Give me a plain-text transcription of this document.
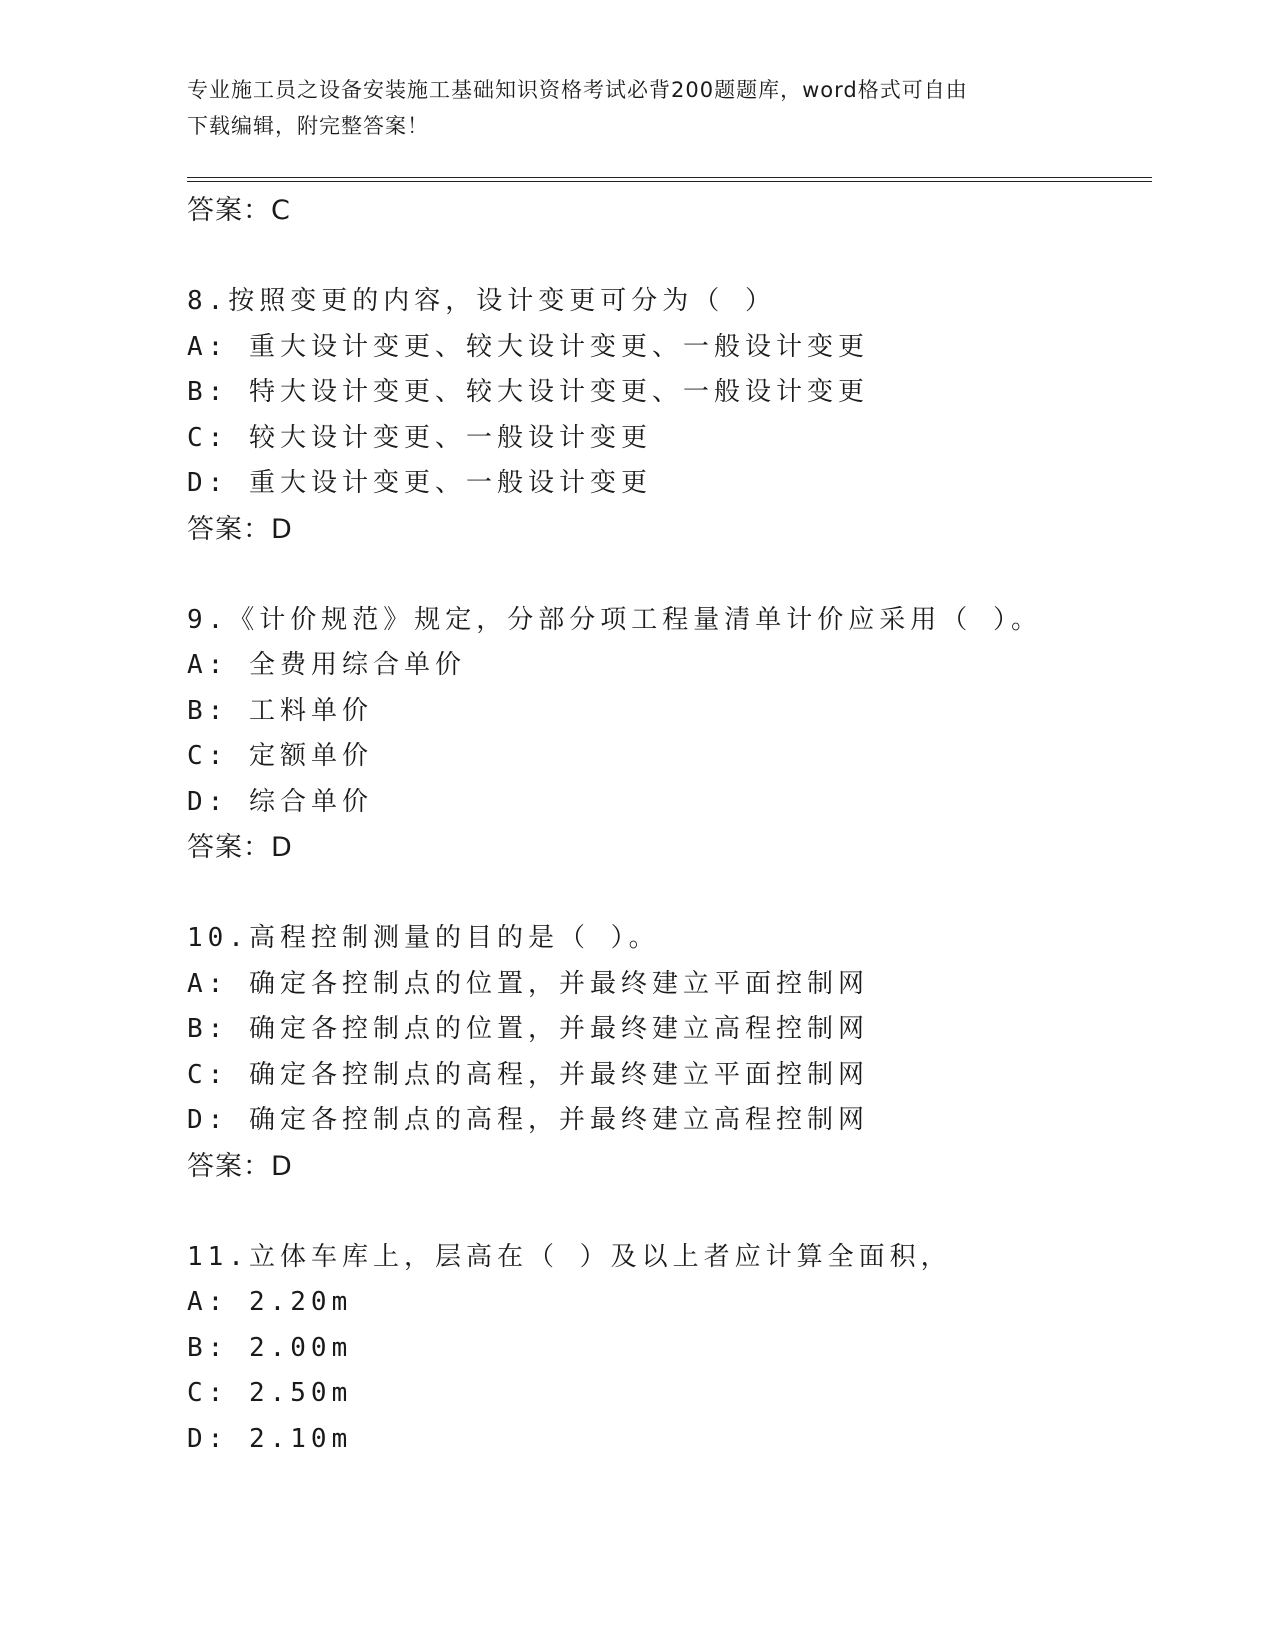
专业施工员之设备安装施工基础知识资格考试必背200题题库，word格式可自由
下载编辑，附完整答案！
答案：C
8.按照变更的内容，设计变更可分为（ ）
A: 重大设计变更、较大设计变更、一般设计变更
B: 特大设计变更、较大设计变更、一般设计变更
C: 较大设计变更、一般设计变更
D: 重大设计变更、一般设计变更
答案：D
9.《计价规范》规定，分部分项工程量清单计价应采用（ ）。
A: 全费用综合单价
B: 工料单价
C: 定额单价
D: 综合单价
答案：D
10.高程控制测量的目的是（ ）。
A: 确定各控制点的位置，并最终建立平面控制网
B: 确定各控制点的位置，并最终建立高程控制网
C: 确定各控制点的高程，并最终建立平面控制网
D: 确定各控制点的高程，并最终建立高程控制网
答案：D
11.立体车库上，层高在（ ）及以上者应计算全面积，
A: 2.20m
B: 2.00m
C: 2.50m
D: 2.10m
